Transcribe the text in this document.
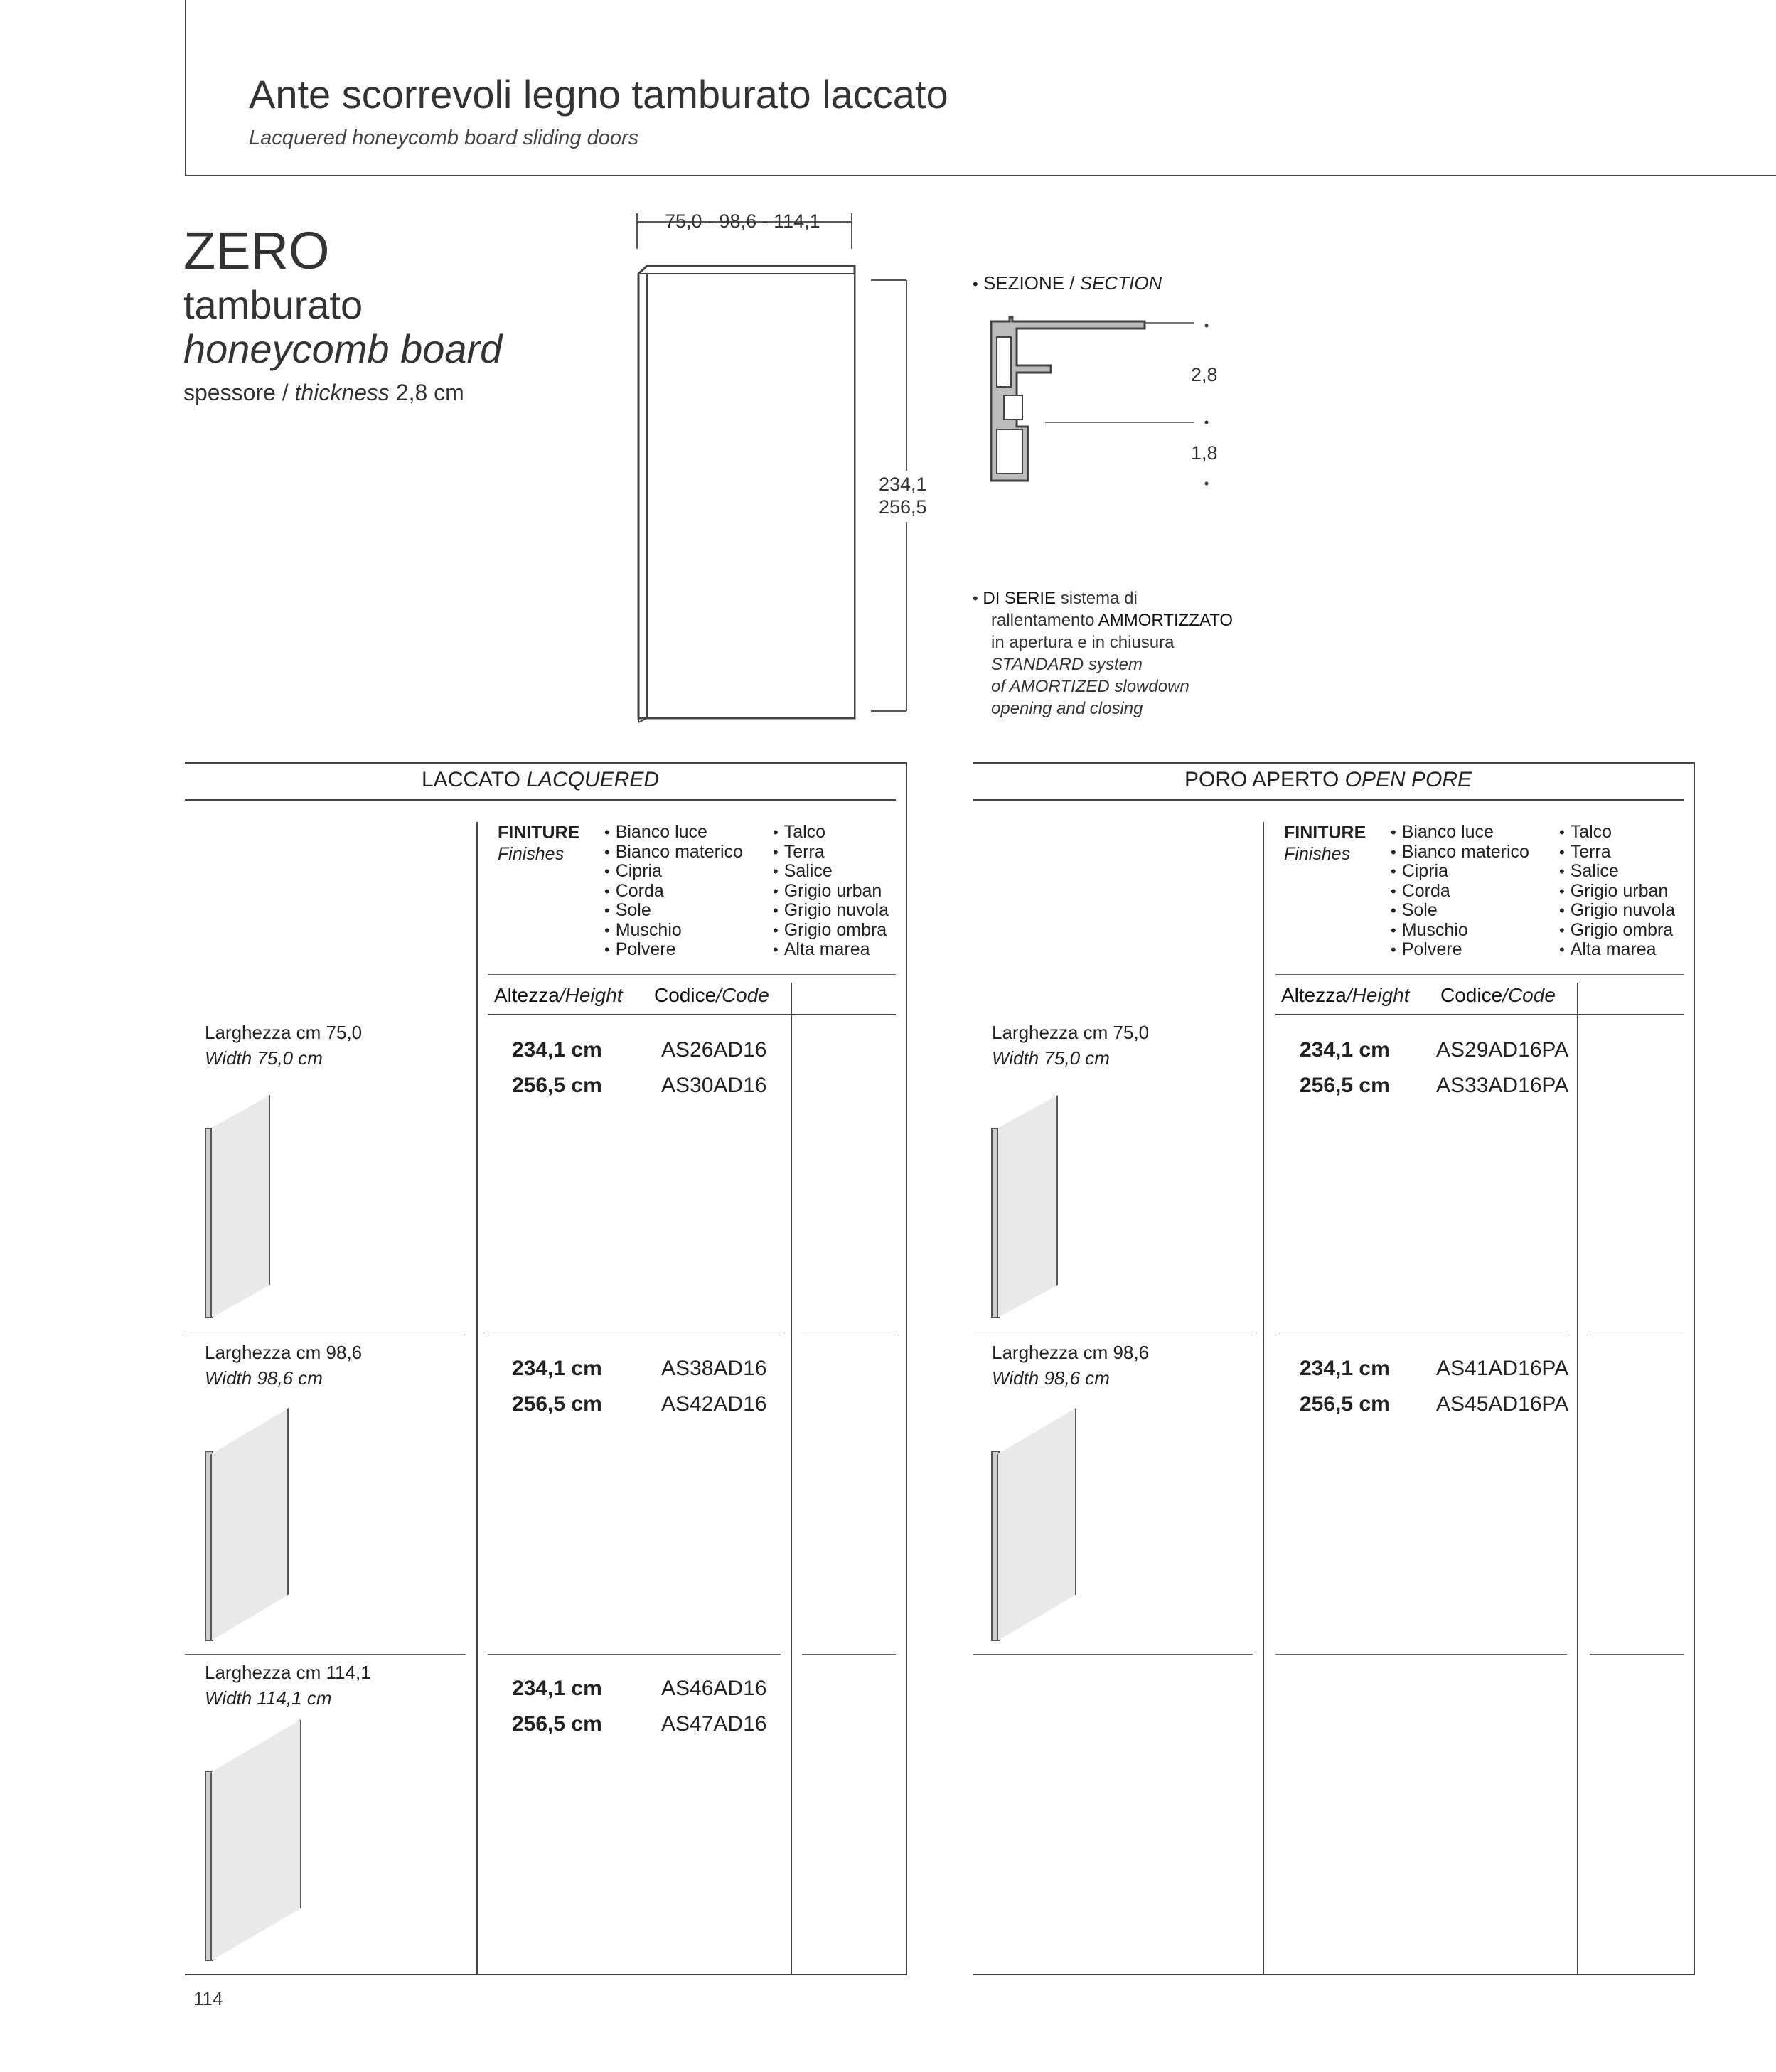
Ante scorrevoli legno tamburato laccato
Lacquered honeycomb board sliding doors
ZERO
tamburato
honeycomb board
spessore / thickness 2,8 cm
75,0 - 98,6 - 114,1
234,1
256,5
• SEZIONE / SECTION
2,8
1,8
• DI SERIE sistema di
rallentamento AMMORTIZZATO
in apertura e in chiusura
STANDARD system
of AMORTIZED slowdown
opening and closing
LACCATO LACQUERED
FINITURE
Finishes
• Bianco luce
• Bianco materico
• Cipria
• Corda
• Sole
• Muschio
• Polvere
• Talco
• Terra
• Salice
• Grigio urban
• Grigio nuvola
• Grigio ombra
• Alta marea
Altezza/Height Codice/Code
Larghezza cm 75,0
Width 75,0 cm	234,1 cm	AS26AD16
256,5 cm	AS30AD16
Larghezza cm 98,6
Width 98,6 cm	234,1 cm	AS38AD16
256,5 cm	AS42AD16
Larghezza cm 114,1
Width 114,1 cm	234,1 cm	AS46AD16
256,5 cm	AS47AD16
PORO APERTO OPEN PORE
FINITURE
Finishes
• Bianco luce
• Bianco materico
• Cipria
• Corda
• Sole
• Muschio
• Polvere
• Talco
• Terra
• Salice
• Grigio urban
• Grigio nuvola
• Grigio ombra
• Alta marea
Altezza/Height Codice/Code
Larghezza cm 75,0
Width 75,0 cm	234,1 cm AS29AD16PA
256,5 cm AS33AD16PA
Larghezza cm 98,6
Width 98,6 cm	234,1 cm AS41AD16PA
256,5 cm AS45AD16PA
114
